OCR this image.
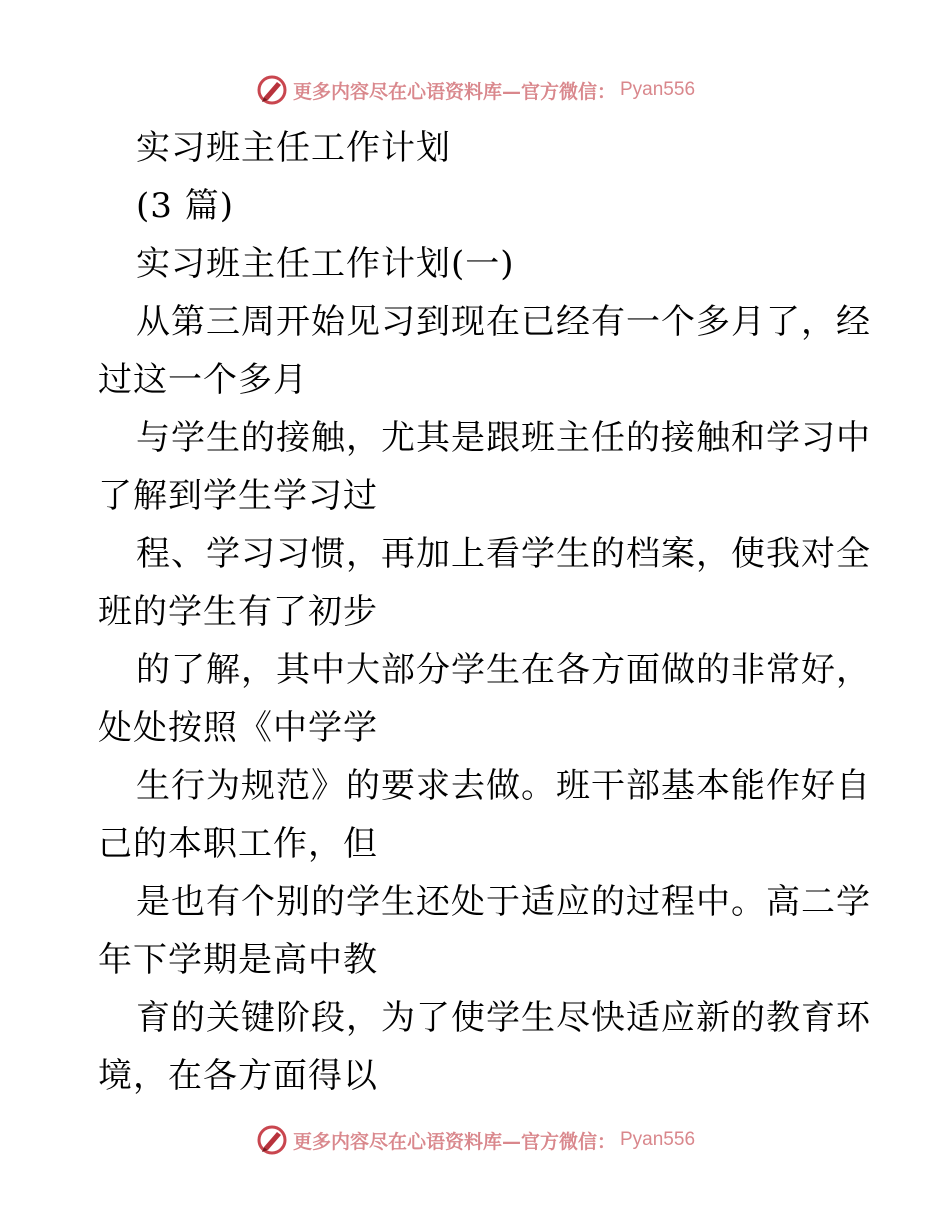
更多内容尽在心语资料库—官方微信： Pyan556
实习班主任工作计划
(3 篇)
实习班主任工作计划(一)
从第三周开始见习到现在已经有一个多月了，经
过这一个多月
与学生的接触，尤其是跟班主任的接触和学习中
了解到学生学习过
程、学习习惯，再加上看学生的档案，使我对全
班的学生有了初步
的了解，其中大部分学生在各方面做的非常好，
处处按照《中学学
生行为规范》的要求去做。班干部基本能作好自
己的本职工作，但
是也有个别的学生还处于适应的过程中。高二学
年下学期是高中教
育的关键阶段，为了使学生尽快适应新的教育环
境，在各方面得以
更多内容尽在心语资料库—官方微信： Pyan556
